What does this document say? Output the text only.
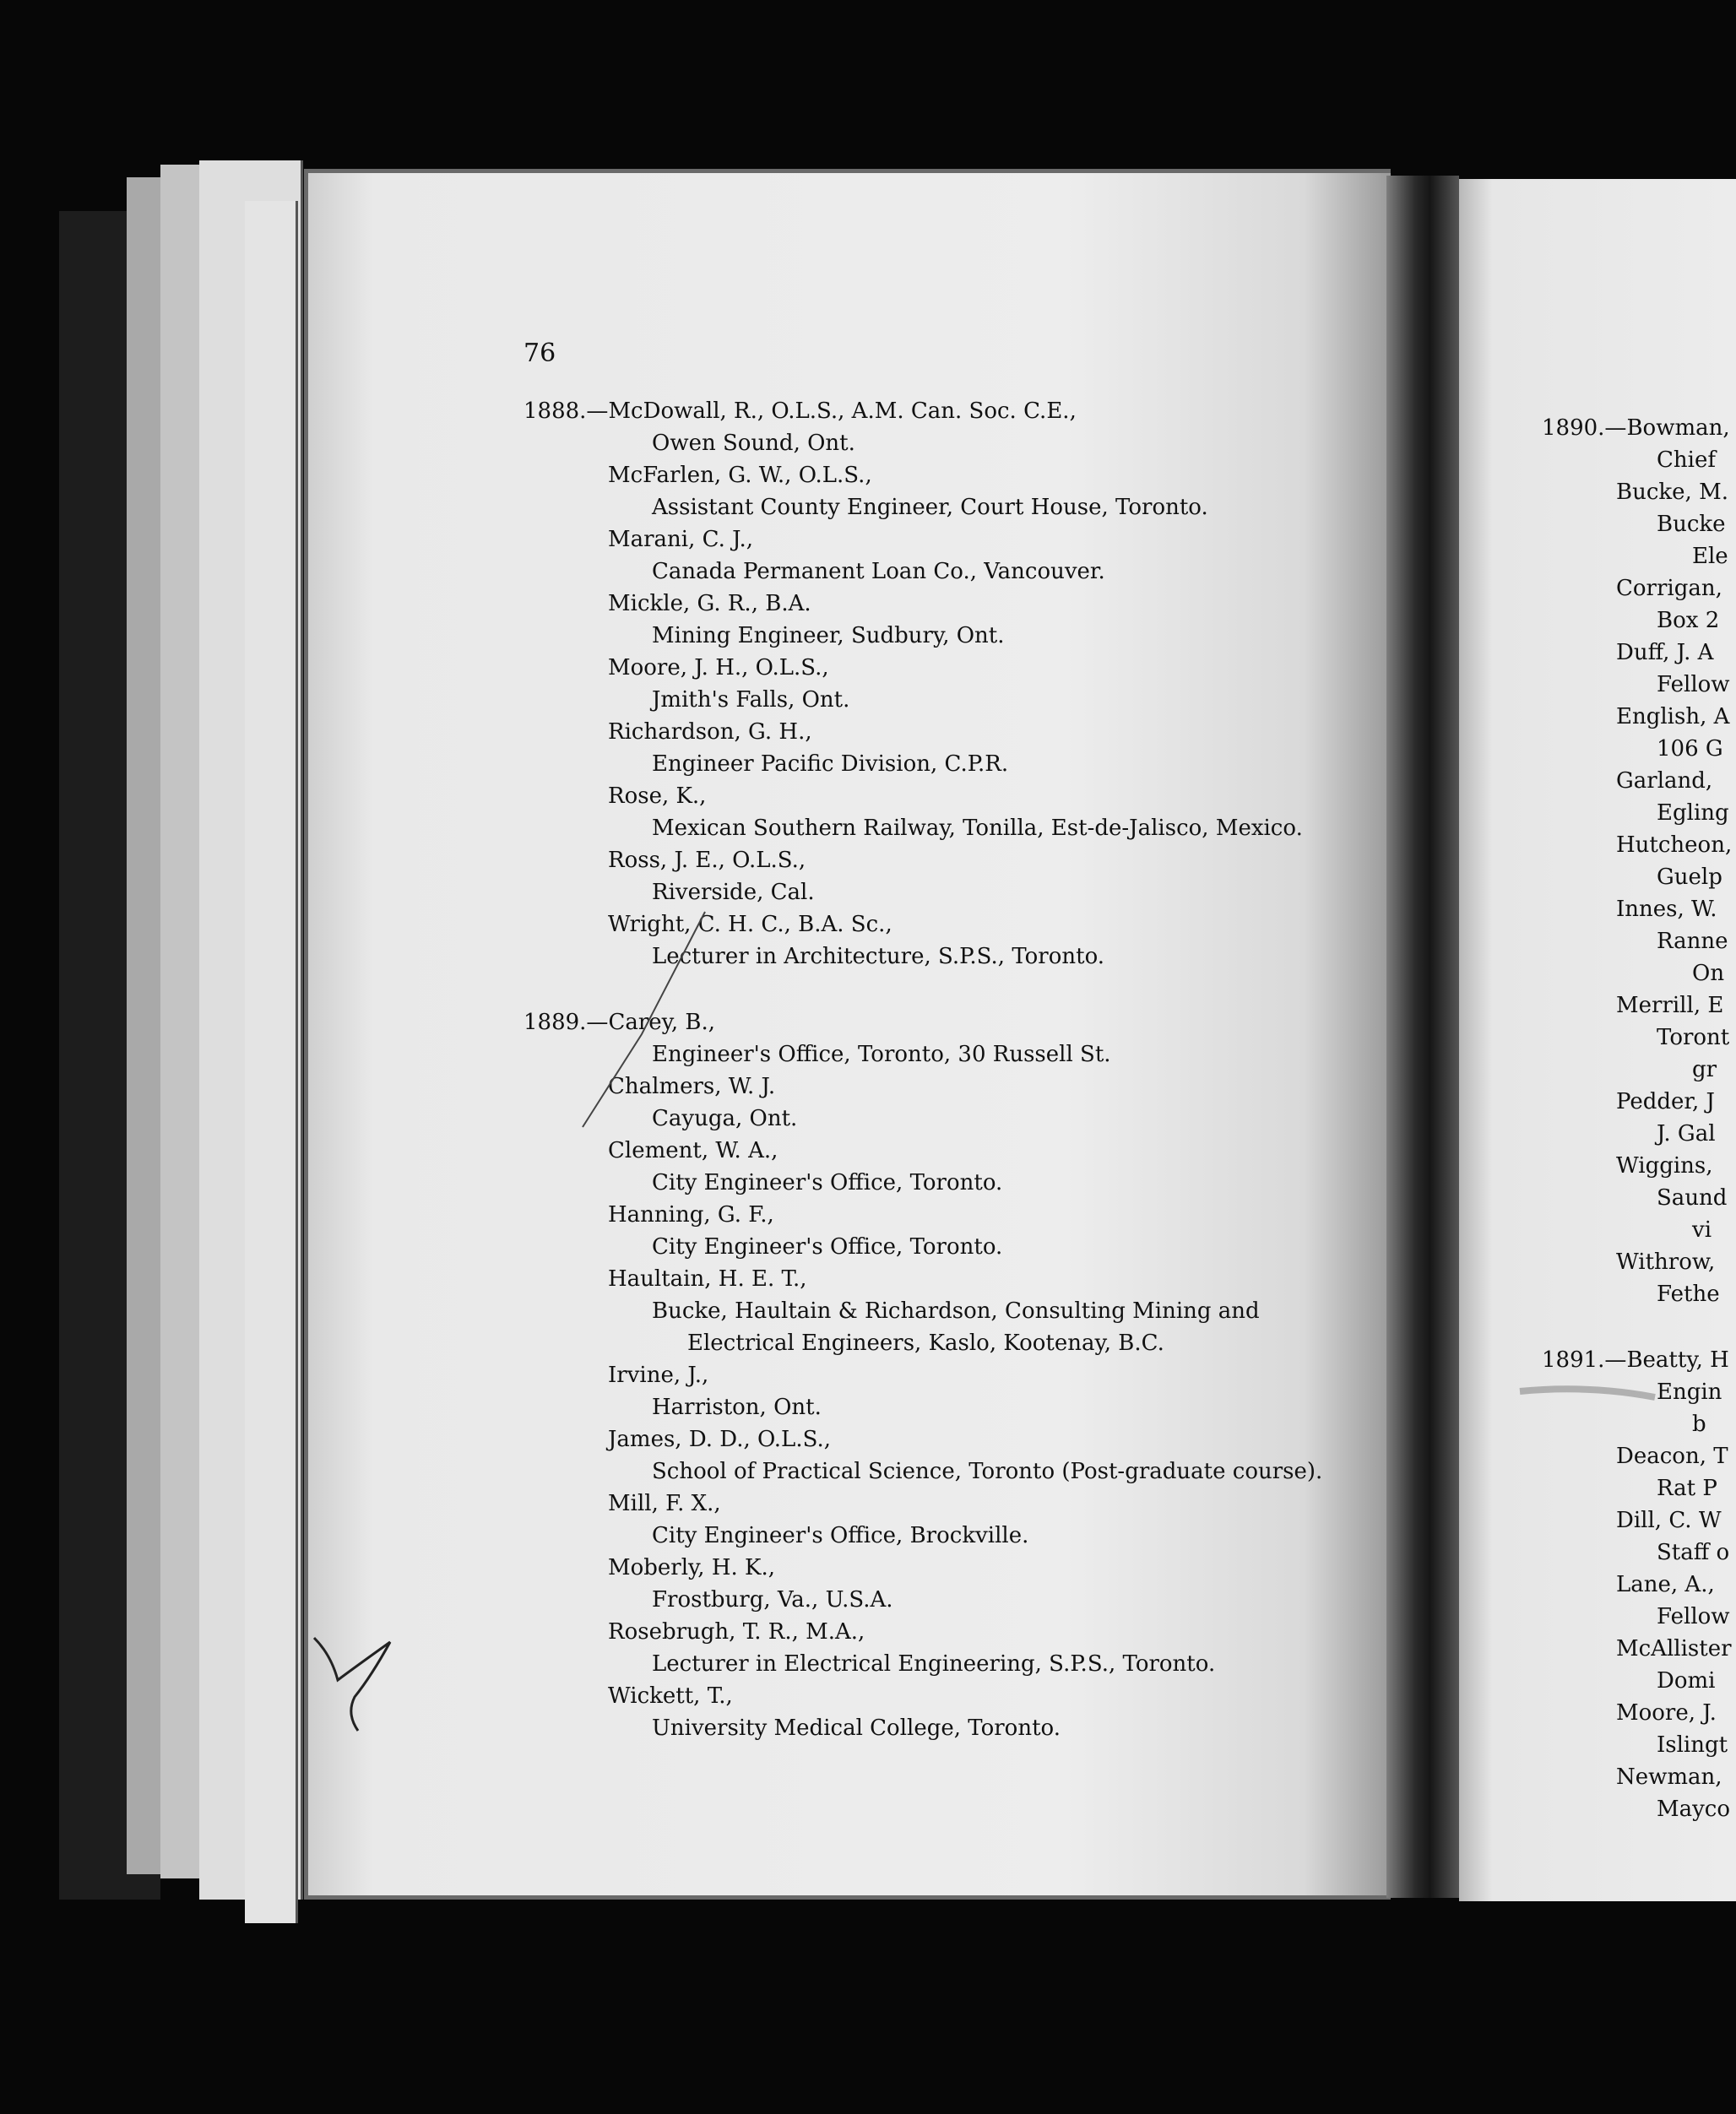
76
1888.—McDowall, R., O.L.S., A.M. Can. Soc. C.E.,
Owen Sound, Ont.
McFarlen, G. W., O.L.S.,
Assistant County Engineer, Court House, Toronto.
Marani, C. J.,
Canada Permanent Loan Co., Vancouver.
Mickle, G. R., B.A.
Mining Engineer, Sudbury, Ont.
Moore, J. H., O.L.S.,
Jmith's Falls, Ont.
Richardson, G. H.,
Engineer Pacific Division, C.P.R.
Rose, K.,
Mexican Southern Railway, Tonilla, Est-de-Jalisco, Mexico.
Ross, J. E., O.L.S.,
Riverside, Cal.
Wright, C. H. C., B.A. Sc.,
Lecturer in Architecture, S.P.S., Toronto.
1889.—Carey, B.,
Engineer's Office, Toronto, 30 Russell St.
Chalmers, W. J.
Cayuga, Ont.
Clement, W. A.,
City Engineer's Office, Toronto.
Hanning, G. F.,
City Engineer's Office, Toronto.
Haultain, H. E. T.,
Bucke, Haultain & Richardson, Consulting Mining and
Electrical Engineers, Kaslo, Kootenay, B.C.
Irvine, J.,
Harriston, Ont.
James, D. D., O.L.S.,
School of Practical Science, Toronto (Post-graduate course).
Mill, F. X.,
City Engineer's Office, Brockville.
Moberly, H. K.,
Frostburg, Va., U.S.A.
Rosebrugh, T. R., M.A.,
Lecturer in Electrical Engineering, S.P.S., Toronto.
Wickett, T.,
University Medical College, Toronto.
1890.—Bowman,
Chief
Bucke, M.
Bucke
Ele
Corrigan,
Box 2
Duff, J. A
Fellow
English, A
106 G
Garland,
Egling
Hutcheon,
Guelp
Innes, W.
Ranne
On
Merrill, E
Toront
gr
Pedder, J
J. Gal
Wiggins,
Saund
vi
Withrow,
Fethe
1891.—Beatty, H
Engin
b
Deacon, T
Rat P
Dill, C. W
Staff o
Lane, A.,
Fellow
McAllister
Domi
Moore, J.
Islingt
Newman,
Mayco
